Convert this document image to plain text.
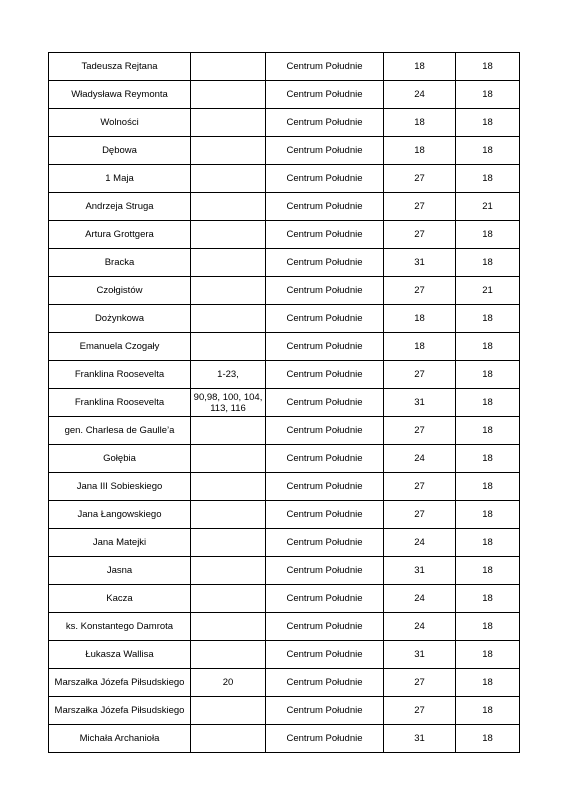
Tadeusza Rejtana		Centrum Południe	18	18
Władysława Reymonta		Centrum Południe	24	18
Wolności		Centrum Południe	18	18
Dębowa		Centrum Południe	18	18
1 Maja		Centrum Południe	27	18
Andrzeja Struga		Centrum Południe	27	21
Artura Grottgera		Centrum Południe	27	18
Bracka		Centrum Południe	31	18
Czołgistów		Centrum Południe	27	21
Dożynkowa		Centrum Południe	18	18
Emanuela Czogały		Centrum Południe	18	18
Franklina Roosevelta	1-23,	Centrum Południe	27	18
Franklina Roosevelta	90,98, 100, 104, 113, 116	Centrum Południe	31	18
gen. Charlesa de Gaulle’a		Centrum Południe	27	18
Gołębia		Centrum Południe	24	18
Jana III Sobieskiego		Centrum Południe	27	18
Jana Łangowskiego		Centrum Południe	27	18
Jana Matejki		Centrum Południe	24	18
Jasna		Centrum Południe	31	18
Kacza		Centrum Południe	24	18
ks. Konstantego Damrota		Centrum Południe	24	18
Łukasza Wallisa		Centrum Południe	31	18
Marszałka Józefa Piłsudskiego	20	Centrum Południe	27	18
Marszałka Józefa Piłsudskiego		Centrum Południe	27	18
Michała Archanioła		Centrum Południe	31	18
